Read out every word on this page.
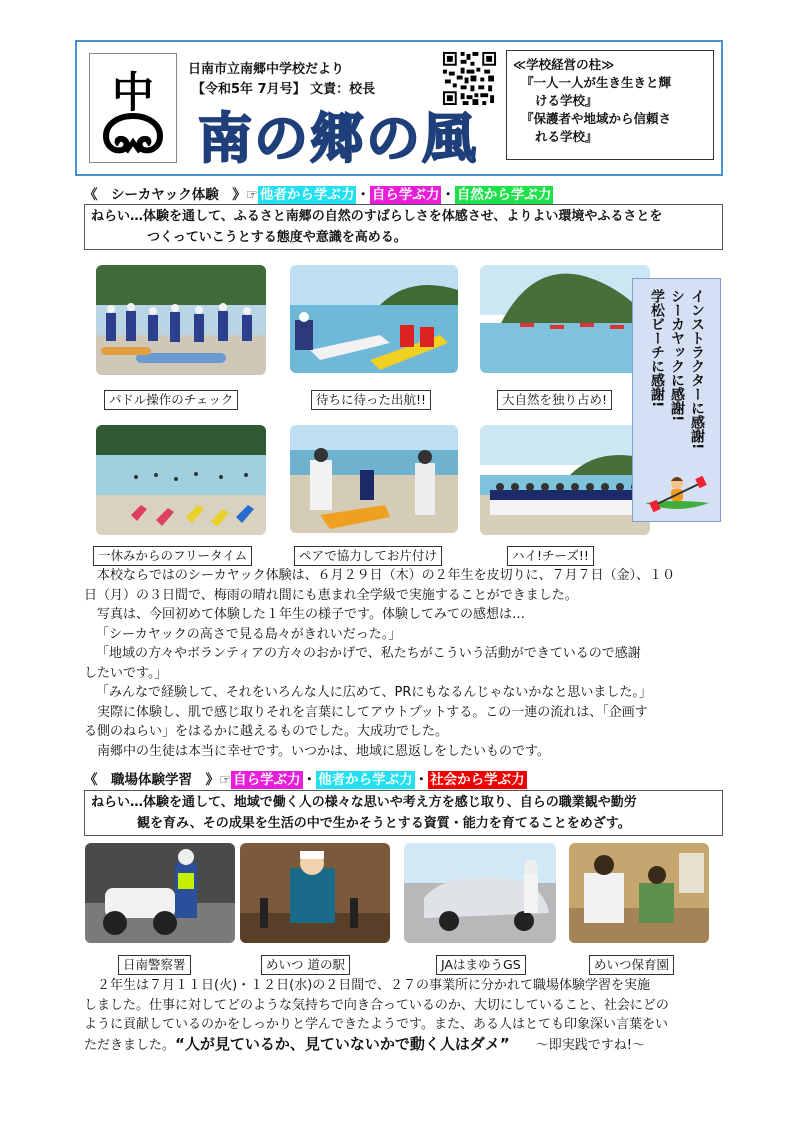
中	日南市立南郷中学校だより
【令和5年 7月号】 文責：校長
南の郷の風
≪学校経営の柱≫
『一人一人が生き生きと輝
ける学校』
『保護者や地域から信頼さ
れる学校』
《　シーカヤック体験　》☞ 他者から学ぶ力 ・ 自ら学ぶ力 ・ 自然から学ぶ力
ねらい…体験を通して、ふるさと南郷の自然のすばらしさを体感させ、よりよい環境やふるさとを
つくっていこうとする態度や意識を高める。
パドル操作のチェック	待ちに待った出航!!	大自然を独り占め!
一休みからのフリータイム	ペアで協力してお片付け	ハイ!チーズ!!
インストラクターに感謝!
シーカヤックに感謝!
学松ビーチに感謝!
　本校ならではのシーカヤック体験は、６月２９日（木）の２年生を皮切りに、７月７日（金）、１０
日（月）の３日間で、梅雨の晴れ間にも恵まれ全学級で実施することができました。
　写真は、今回初めて体験した１年生の様子です。体験してみての感想は…
「シーカヤックの高さで見る島々がきれいだった。」
「地域の方々やボランティアの方々のおかげで、私たちがこういう活動ができているので感謝
したいです。」
「みんなで経験して、それをいろんな人に広めて、PRにもなるんじゃないかなと思いました。」
　実際に体験し、肌で感じ取りそれを言葉にしてアウトプットする。この一連の流れは、「企画す
る側のねらい」をはるかに越えるものでした。大成功でした。
　南郷中の生徒は本当に幸せです。いつかは、地域に恩返しをしたいものです。
《　職場体験学習　》☞ 自ら学ぶ力 ・ 他者から学ぶ力 ・ 社会から学ぶ力
ねらい…体験を通して、地域で働く人の様々な思いや考え方を感じ取り、自らの職業観や勤労
観を育み、その成果を生活の中で生かそうとする資質・能力を育てることをめざす。
日南警察署	めいつ 道の駅	JAはまゆうGS	めいつ保育園
　２年生は７月１１日(火)・１２日(水)の２日間で、２７の事業所に分かれて職場体験学習を実施
しました。仕事に対してどのような気持ちで向き合っているのか、大切にしていること、社会にどの
ように貢献しているのかをしっかりと学んできたようです。また、ある人はとても印象深い言葉をい
ただきました。“人が見ているか、見ていないかで動く人はダメ” ～即実践ですね!～
